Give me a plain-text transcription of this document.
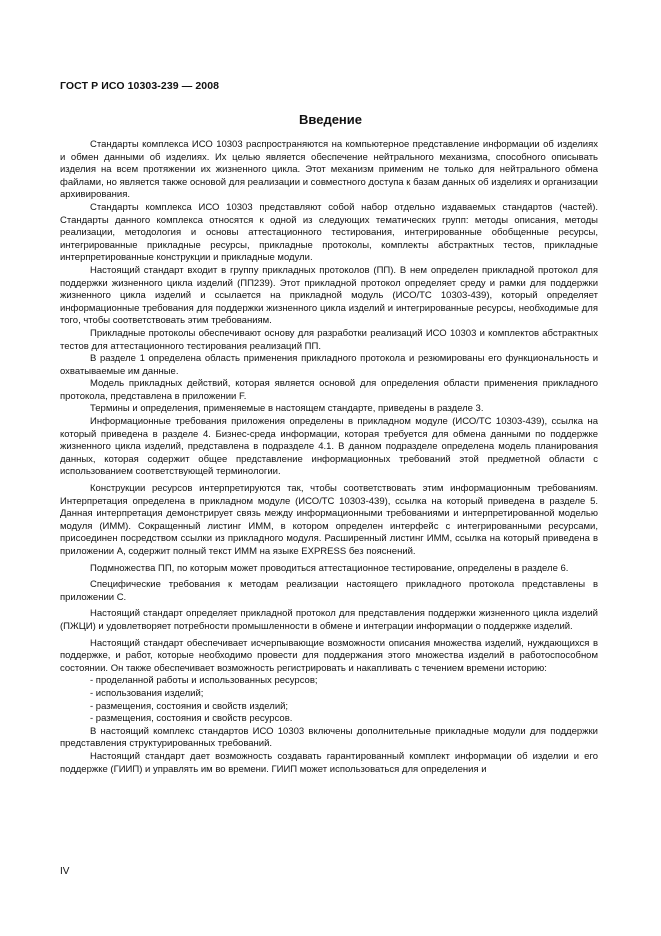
ГОСТ Р ИСО 10303-239 — 2008
Введение

Стандарты комплекса ИСО 10303 распространяются на компьютерное представление информации об изделиях и обмен данными об изделиях. Их целью является обеспечение нейтрального механизма, способного описывать изделия на всем протяжении их жизненного цикла. Этот механизм применим не только для нейтрального обмена файлами, но является также основой для реализации и совместного доступа к базам данных об изделиях и организации архивирования.

Стандарты комплекса ИСО 10303 представляют собой набор отдельно издаваемых стандартов (частей). Стандарты данного комплекса относятся к одной из следующих тематических групп: методы описания, методы реализации, методология и основы аттестационного тестирования, интегрированные обобщенные ресурсы, интегрированные прикладные ресурсы, прикладные протоколы, комплекты абстрактных тестов, прикладные интерпретированные конструкции и прикладные модули.

Настоящий стандарт входит в группу прикладных протоколов (ПП). В нем определен прикладной протокол для поддержки жизненного цикла изделий (ПП239). Этот прикладной протокол определяет среду и рамки для поддержки жизненного цикла изделий и ссылается на прикладной модуль (ИСО/ТС 10303-439), который определяет информационные требования для поддержки жизненного цикла изделий и интегрированные ресурсы, необходимые для того, чтобы соответствовать этим требованиям.

Прикладные протоколы обеспечивают основу для разработки реализаций ИСО 10303 и комплектов абстрактных тестов для аттестационного тестирования реализаций ПП.

В разделе 1 определена область применения прикладного протокола и резюмированы его функциональность и охватываемые им данные.

Модель прикладных действий, которая является основой для определения области применения прикладного протокола, представлена в приложении F.

Термины и определения, применяемые в настоящем стандарте, приведены в разделе 3.

Информационные требования приложения определены в прикладном модуле (ИСО/ТС 10303-439), ссылка на который приведена в разделе 4. Бизнес-среда информации, которая требуется для обмена данными по поддержке жизненного цикла изделий, представлена в подразделе 4.1. В данном подразделе определена модель планирования данных, которая содержит общее представление информационных требований этой предметной области с использованием соответствующей терминологии.

Конструкции ресурсов интерпретируются так, чтобы соответствовать этим информационным требованиям. Интерпретация определена в прикладном модуле (ИСО/ТС 10303-439), ссылка на который приведена в разделе 5. Данная интерпретация демонстрирует связь между информационными требованиями и интерпретированной моделью модуля (ИММ). Сокращенный листинг ИММ, в котором определен интерфейс с интегрированными ресурсами, присоединен посредством ссылки из прикладного модуля. Расширенный листинг ИММ, ссылка на который приведена в приложении А, содержит полный текст ИММ на языке EXPRESS без пояснений.

Подмножества ПП, по которым может проводиться аттестационное тестирование, определены в разделе 6.

Специфические требования к методам реализации настоящего прикладного протокола представлены в приложении С.

Настоящий стандарт определяет прикладной протокол для представления поддержки жизненного цикла изделий (ПЖЦИ) и удовлетворяет потребности промышленности в обмене и интеграции информации о поддержке изделий.

Настоящий стандарт обеспечивает исчерпывающие возможности описания множества изделий, нуждающихся в поддержке, и работ, которые необходимо провести для поддержания этого множества изделий в работоспособном состоянии. Он также обеспечивает возможность регистрировать и накапливать с течением времени историю:

- проделанной работы и использованных ресурсов;
- использования изделий;
- размещения, состояния и свойств изделий;
- размещения, состояния и свойств ресурсов.

В настоящий комплекс стандартов ИСО 10303 включены дополнительные прикладные модули для поддержки представления структурированных требований.

Настоящий стандарт дает возможность создавать гарантированный комплект информации об изделии и его поддержке (ГИИП) и управлять им во времени. ГИИП может использоваться для определения и

IV
